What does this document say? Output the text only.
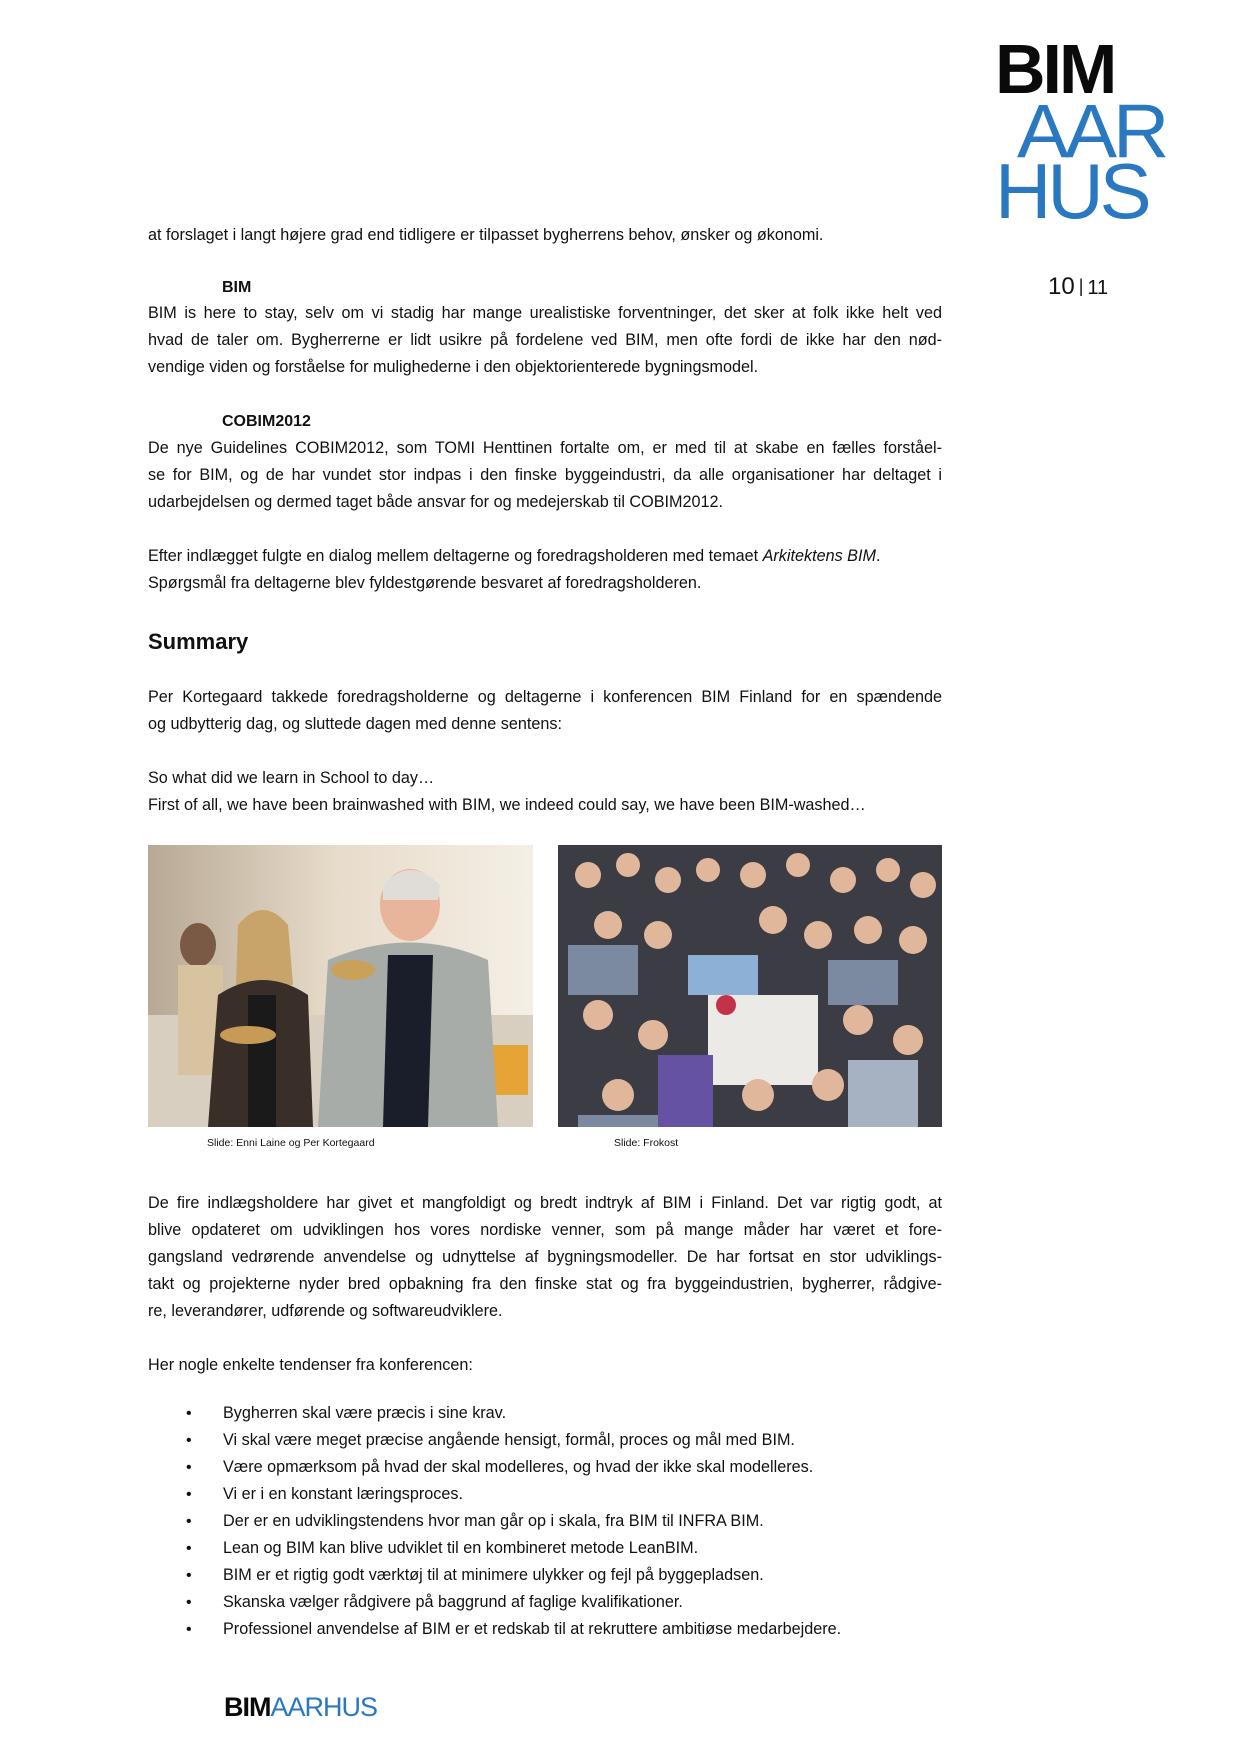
BIM
AAR
HUS
10 | 11
at forslaget i langt højere grad end tidligere er tilpasset bygherrens behov, ønsker og økonomi.
BIM
BIM is here to stay, selv om vi stadig har mange urealistiske forventninger, det sker at folk ikke helt ved
hvad de taler om. Bygherrerne er lidt usikre på fordelene ved BIM, men ofte fordi de ikke har den nød-
vendige viden og forståelse for mulighederne i den objektorienterede bygningsmodel.
COBIM2012
De nye Guidelines COBIM2012, som TOMI Henttinen fortalte om, er med til at skabe en fælles forståel-
se for BIM, og de har vundet stor indpas i den finske byggeindustri, da alle organisationer har deltaget i
udarbejdelsen og dermed taget både ansvar for og medejerskab til COBIM2012.
Efter indlægget fulgte en dialog mellem deltagerne og foredragsholderen med temaet Arkitektens BIM.
Spørgsmål fra deltagerne blev fyldestgørende besvaret af foredragsholderen.
Summary
Per Kortegaard takkede foredragsholderne og deltagerne i konferencen BIM Finland for en spændende
og udbytterig dag, og sluttede dagen med denne sentens:
So what did we learn in School to day…
First of all, we have been brainwashed with BIM, we indeed could say, we have been BIM-washed…
Slide: Enni Laine og Per Kortegaard	Slide: Frokost
De fire indlægsholdere har givet et mangfoldigt og bredt indtryk af BIM i Finland. Det var rigtig godt, at
blive opdateret om udviklingen hos vores nordiske venner, som på mange måder har været et fore-
gangsland vedrørende anvendelse og udnyttelse af bygningsmodeller. De har fortsat en stor udviklings-
takt og projekterne nyder bred opbakning fra den finske stat og fra byggeindustrien, bygherrer, rådgive-
re, leverandører, udførende og softwareudviklere.
Her nogle enkelte tendenser fra konferencen:
• Bygherren skal være præcis i sine krav.
• Vi skal være meget præcise angående hensigt, formål, proces og mål med BIM.
• Være opmærksom på hvad der skal modelleres, og hvad der ikke skal modelleres.
• Vi er i en konstant læringsproces.
• Der er en udviklingstendens hvor man går op i skala, fra BIM til INFRA BIM.
• Lean og BIM kan blive udviklet til en kombineret metode LeanBIM.
• BIM er et rigtig godt værktøj til at minimere ulykker og fejl på byggepladsen.
• Skanska vælger rådgivere på baggrund af faglige kvalifikationer.
• Professionel anvendelse af BIM er et redskab til at rekruttere ambitiøse medarbejdere.
BIMAARHUS
